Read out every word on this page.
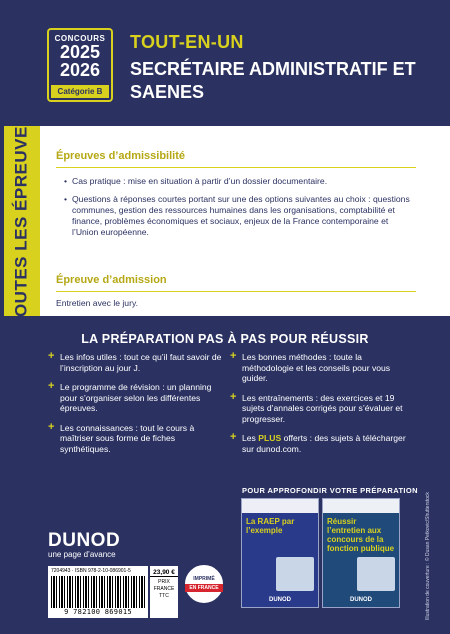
CONCOURS
2025
2026
Catégorie B
TOUT-EN-UN
SECRÉTAIRE ADMINISTRATIF ET SAENES
TOUTES LES ÉPREUVES Épreuves d’admissibilité
• Cas pratique : mise en situation à partir d’un dossier documentaire.
• Questions à réponses courtes portant sur une des options suivantes au choix : questions communes, gestion des ressources humaines dans les organisations, comptabilité et finance, problèmes économiques et sociaux, enjeux de la France contemporaine et l’Union européenne.
Épreuve d’admission
Entretien avec le jury.
LA PRÉPARATION PAS À PAS POUR RÉUSSIR
+ Les infos utiles : tout ce qu’il faut savoir de l’inscription au jour J.
+ Le programme de révision : un planning pour s’organiser selon les différentes épreuves.
+ Les connaissances : tout le cours à maîtriser sous forme de fiches synthétiques.
+ Les bonnes méthodes : toute la méthodologie et les conseils pour vous guider.
+ Les entraînements : des exercices et 19 sujets d’annales corrigés pour s’évaluer et progresser.
+ Les PLUS offerts : des sujets à télécharger sur dunod.com.
POUR APPROFONDIR VOTRE PRÉPARATION
La RAEP par l’exemple
DUNOD
Réussir l’entretien aux concours de la fonction publique
DUNOD	Illustration de couverture : © Dusan Petkovic/Shutterstock
DUNOD
une page d’avance
7204943 · ISBN 978-2-10-086901-5
9 782100 869015
23,90 €
PRIX
FRANCE
TTC
IMPRIMÉ
EN FRANCE
